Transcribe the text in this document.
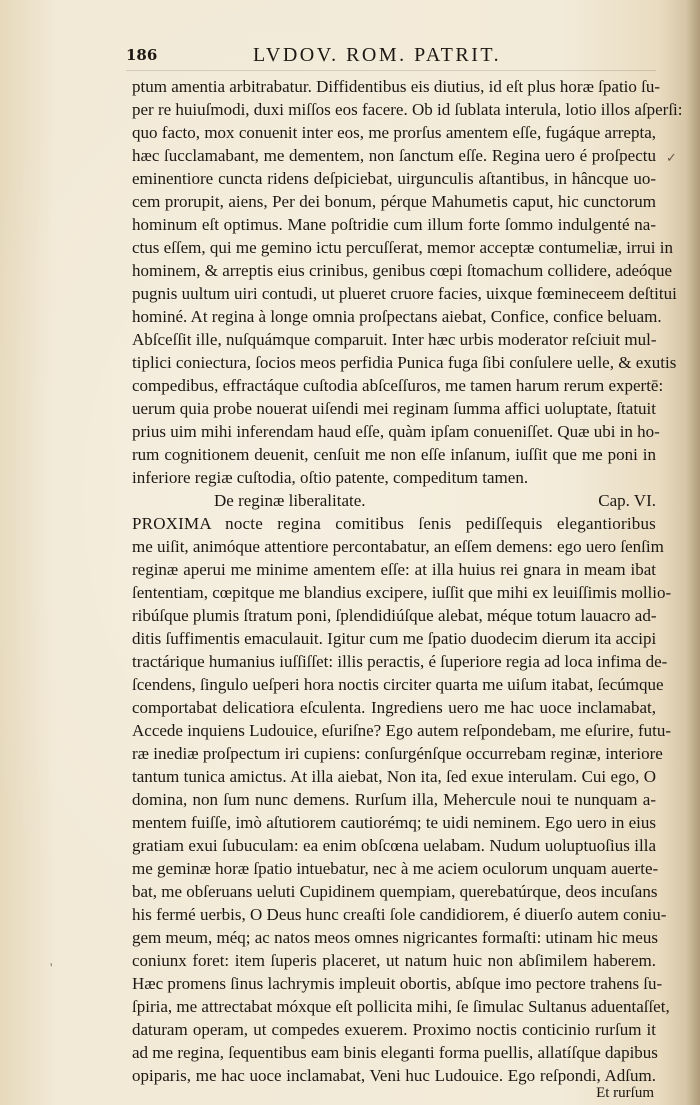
186	LVDOV. ROM. PATRIT.
ptum amentia arbitrabatur. Diffidentibus eis diutius, id eſt plus horæ ſpatio ſu-
per re huiuſmodi, duxi miſſos eos facere. Ob id ſublata interula, lotio illos aſperſi:
quo facto, mox conuenit inter eos, me prorſus amentem eſſe, fugáque arrepta,
hæc ſucclamabant, me dementem, non ſanctum eſſe. Regina uero é proſpectu
eminentiore cuncta ridens deſpiciebat, uirgunculis aſtantibus, in hâncque uo-
cem prorupit, aiens, Per dei bonum, pérque Mahumetis caput, hic cunctorum
hominum eſt optimus. Mane poſtridie cum illum forte ſommo indulgenté na-
ctus eſſem, qui me gemino ictu percuſſerat, memor acceptæ contumeliæ, irrui in
hominem, & arreptis eius crinibus, genibus cœpi ſtomachum collidere, adeóque
pugnis uultum uiri contudi, ut plueret cruore facies, uixque fœmineceem deſtitui
hominé. At regina à longe omnia proſpectans aiebat, Confice, confice beluam.
Abſceſſit ille, nuſquámque comparuit. Inter hæc urbis moderator reſciuit mul-
tiplici coniectura, ſocios meos perfidia Punica fuga ſibi conſulere uelle, & exutis
compedibus, effractáque cuſtodia abſceſſuros, me tamen harum rerum expertē:
uerum quia probe nouerat uiſendi mei reginam ſumma affici uoluptate, ſtatuit
prius uim mihi inferendam haud eſſe, quàm ipſam conueniſſet. Quæ ubi in ho-
rum cognitionem deuenit, cenſuit me non eſſe inſanum, iuſſit que me poni in
inferiore regiæ cuſtodia, oſtio patente, compeditum tamen.
De reginæ liberalitate.	Cap. VI.
PROXIMA nocte regina comitibus ſenis pediſſequis elegantioribus
me uiſit, animóque attentiore percontabatur, an eſſem demens: ego uero ſenſim
reginæ aperui me minime amentem eſſe: at illa huius rei gnara in meam ibat
ſententiam, cœpitque me blandius excipere, iuſſit que mihi ex leuiſſimis mollio-
ribúſque plumis ſtratum poni, ſplendidiúſque alebat, méque totum lauacro ad-
ditis ſuffimentis emaculauit. Igitur cum me ſpatio duodecim dierum ita accipi
tractárique humanius iuſſiſſet: illis peractis, é ſuperiore regia ad loca infima de-
ſcendens, ſingulo ueſperi hora noctis circiter quarta me uiſum itabat, ſecúmque
comportabat delicatiora eſculenta. Ingrediens uero me hac uoce inclamabat,
Accede inquiens Ludouice, eſuriſne? Ego autem reſpondebam, me eſurire, futu-
ræ inediæ proſpectum iri cupiens: conſurgénſque occurrebam reginæ, interiore
tantum tunica amictus. At illa aiebat, Non ita, ſed exue interulam. Cui ego, O
domina, non ſum nunc demens. Rurſum illa, Mehercule noui te nunquam a-
mentem fuiſſe, imò aſtutiorem cautiorémq; te uidi neminem. Ego uero in eius
gratiam exui ſubuculam: ea enim obſcœna uelabam. Nudum uoluptuoſius illa
me geminæ horæ ſpatio intuebatur, nec à me aciem oculorum unquam auerte-
bat, me obſeruans ueluti Cupidinem quempiam, querebatúrque, deos incuſans
his fermé uerbis, O Deus hunc creaſti ſole candidiorem, é diuerſo autem coniu-
gem meum, méq; ac natos meos omnes nigricantes formaſti: utinam hic meus
coniunx foret: item ſuperis placeret, ut natum huic non abſimilem haberem.
Hæc promens ſinus lachrymis impleuit obortis, abſque imo pectore trahens ſu-
ſpiria, me attrectabat móxque eſt pollicita mihi, ſe ſimulac Sultanus aduentaſſet,
daturam operam, ut compedes exuerem. Proximo noctis conticinio rurſum it
ad me regina, ſequentibus eam binis eleganti forma puellis, allatíſque dapibus
opiparis, me hac uoce inclamabat, Veni huc Ludouice. Ego reſpondi, Adſum.
Et rurſum
✓
'
